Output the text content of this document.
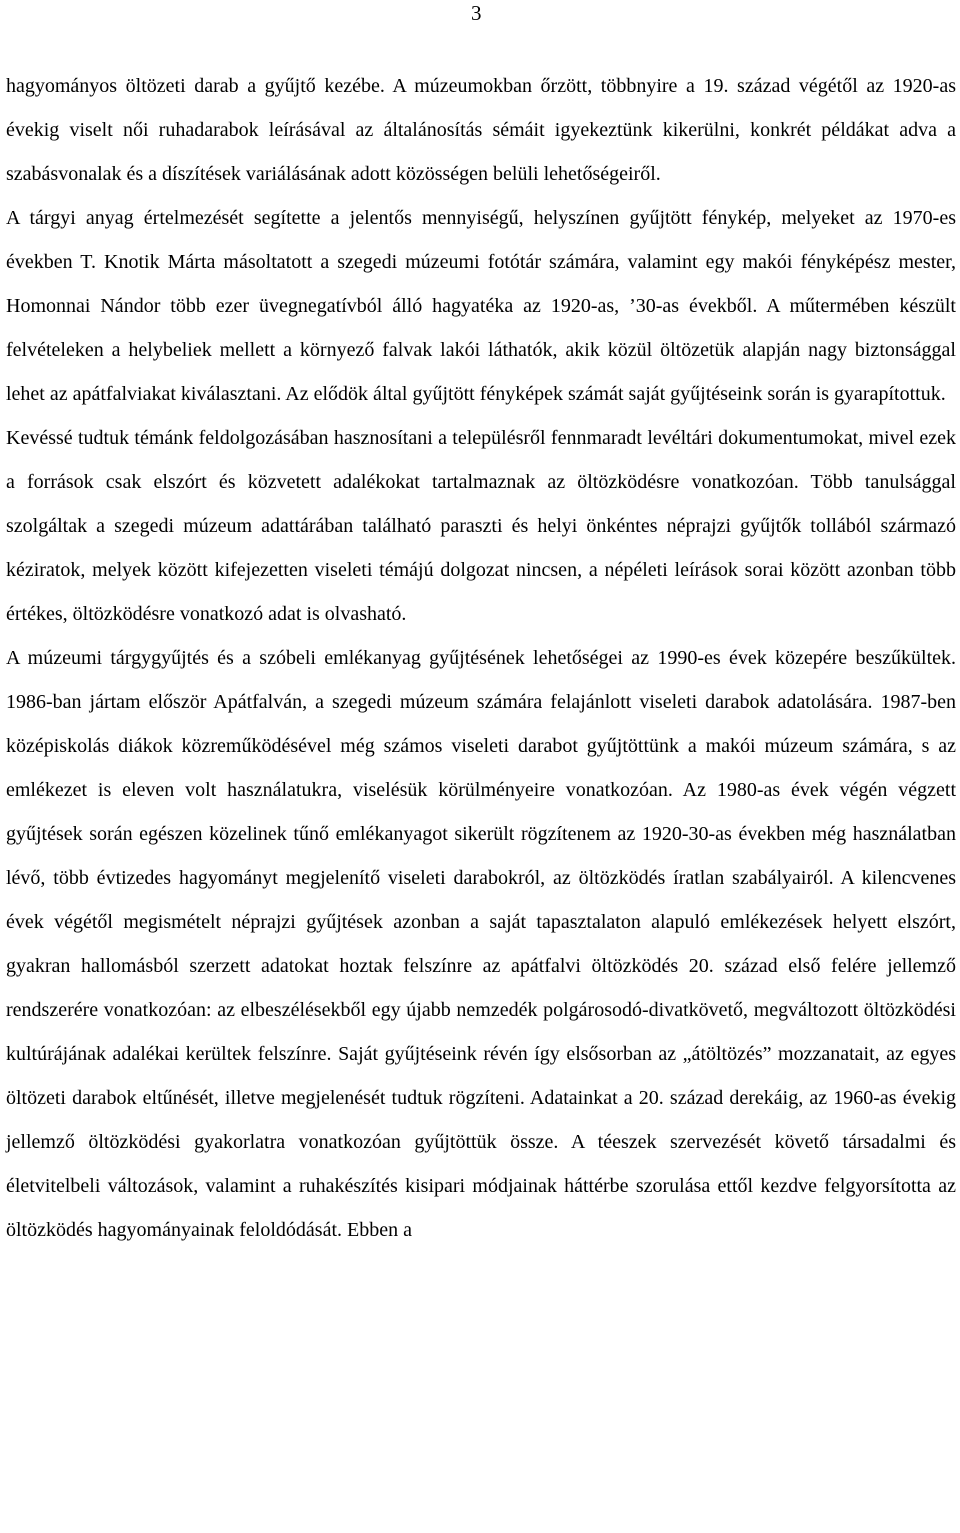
3

hagyományos öltözeti darab a gyűjtő kezébe. A múzeumokban őrzött, többnyire a 19. század végétől az 1920-as évekig viselt női ruhadarabok leírásával az általánosítás sémáit igyekeztünk kikerülni, konkrét példákat adva a szabásvonalak és a díszítések variálásának adott közösségen belüli lehetőségeiről.

A tárgyi anyag értelmezését segítette a jelentős mennyiségű, helyszínen gyűjtött fénykép, melyeket az 1970-es években T. Knotik Márta másoltatott a szegedi múzeumi fotótár számára, valamint egy makói fényképész mester, Homonnai Nándor több ezer üvegnegatívból álló hagyatéka az 1920-as, ’30-as évekből. A műtermében készült felvételeken a helybeliek mellett a környező falvak lakói láthatók, akik közül öltözetük alapján nagy biztonsággal lehet az apátfalviakat kiválasztani. Az elődök által gyűjtött fényképek számát saját gyűjtéseink során is gyarapítottuk.

Kevéssé tudtuk témánk feldolgozásában hasznosítani a településről fennmaradt levéltári dokumentumokat, mivel ezek a források csak elszórt és közvetett adalékokat tartalmaznak az öltözködésre vonatkozóan. Több tanulsággal szolgáltak a szegedi múzeum adattárában található paraszti és helyi önkéntes néprajzi gyűjtők tollából származó kéziratok, melyek között kifejezetten viseleti témájú dolgozat nincsen, a népéleti leírások sorai között azonban több értékes, öltözködésre vonatkozó adat is olvasható.

A múzeumi tárgygyűjtés és a szóbeli emlékanyag gyűjtésének lehetőségei az 1990-es évek közepére beszűkültek. 1986-ban jártam először Apátfalván, a szegedi múzeum számára felajánlott viseleti darabok adatolására. 1987-ben középiskolás diákok közreműködésével még számos viseleti darabot gyűjtöttünk a makói múzeum számára, s az emlékezet is eleven volt használatukra, viselésük körülményeire vonatkozóan. Az 1980-as évek végén végzett gyűjtések során egészen közelinek tűnő emlékanyagot sikerült rögzítenem az 1920-30-as években még használatban lévő, több évtizedes hagyományt megjelenítő viseleti darabokról, az öltözködés íratlan szabályairól. A kilencvenes évek végétől megismételt néprajzi gyűjtések azonban a saját tapasztalaton alapuló emlékezések helyett elszórt, gyakran hallomásból szerzett adatokat hoztak felszínre az apátfalvi öltözködés 20. század első felére jellemző rendszerére vonatkozóan: az elbeszélésekből egy újabb nemzedék polgárosodó-divatkövető, megváltozott öltözködési kultúrájának adalékai kerültek felszínre. Saját gyűjtéseink révén így elsősorban az „átöltözés” mozzanatait, az egyes öltözeti darabok eltűnését, illetve megjelenését tudtuk rögzíteni. Adatainkat a 20. század derekáig, az 1960-as évekig jellemző öltözködési gyakorlatra vonatkozóan gyűjtöttük össze. A téeszek szervezését követő társadalmi és életvitelbeli változások, valamint a ruhakészítés kisipari módjainak háttérbe szorulása ettől kezdve felgyorsította az öltözködés hagyományainak feloldódását. Ebben a
